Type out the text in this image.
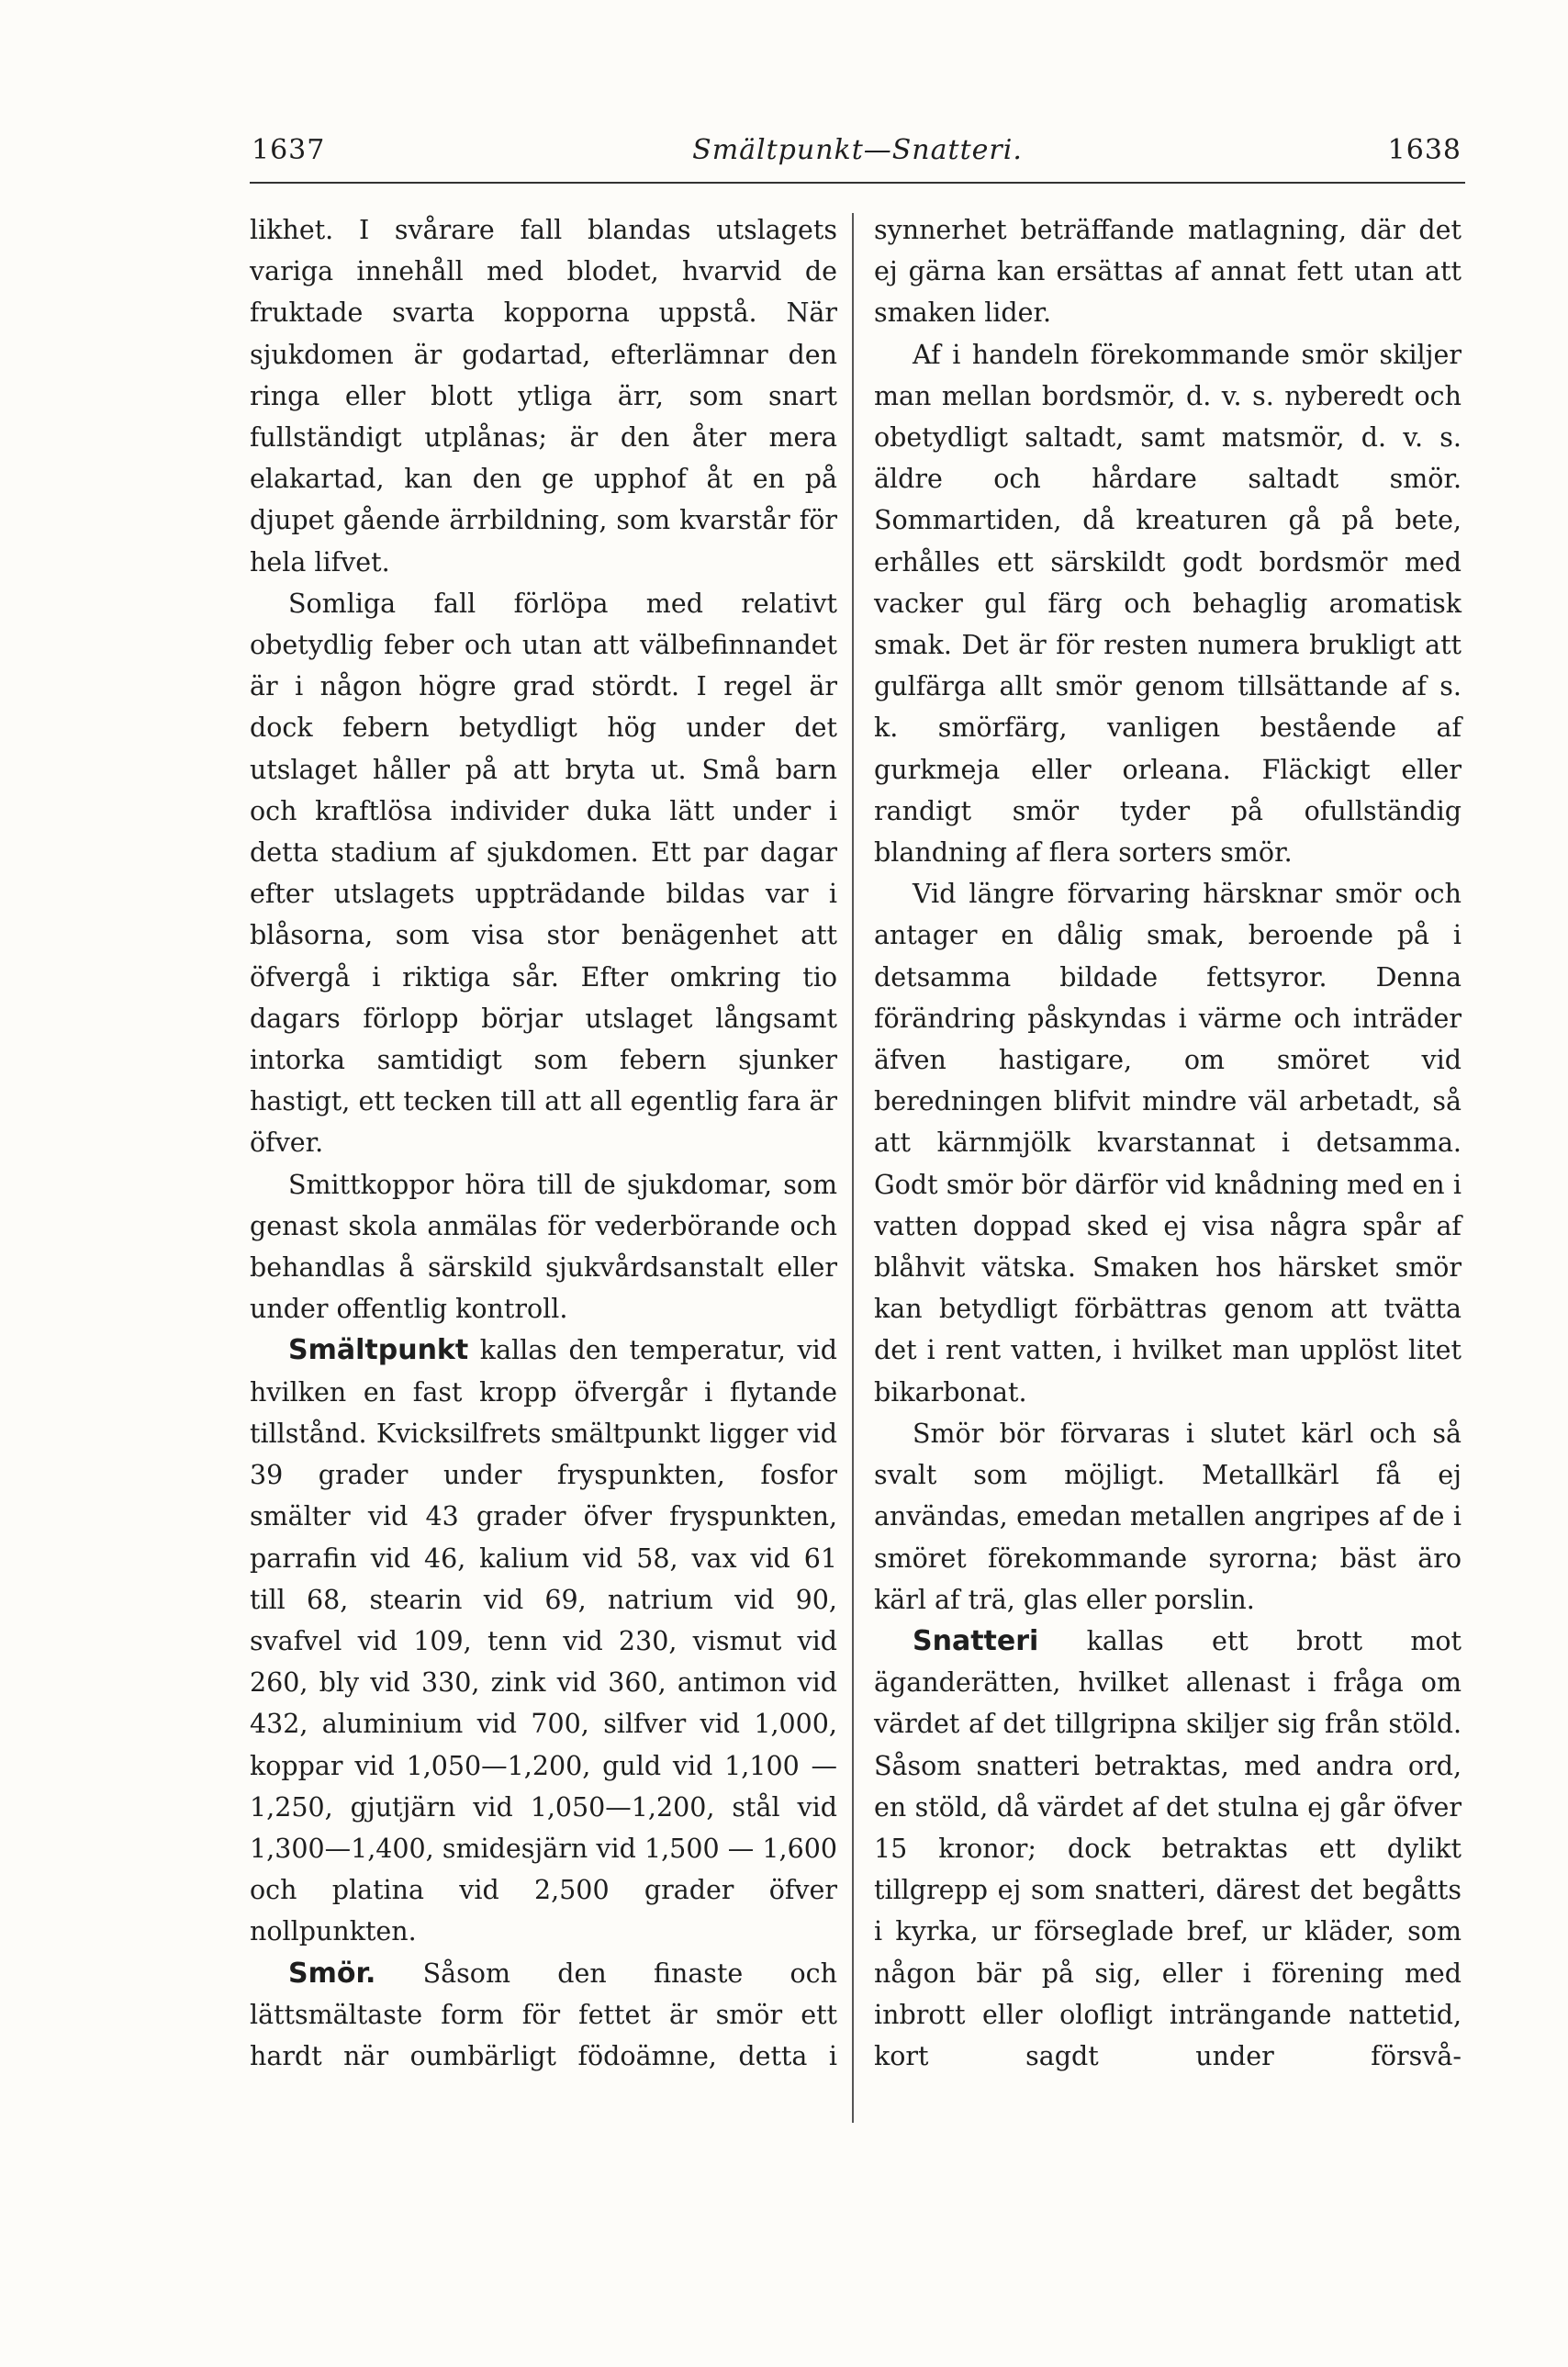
1637	Smältpunkt—Snatteri.	1638

likhet. I svårare fall blandas utslagets variga innehåll med blodet, hvarvid de fruktade svarta kopporna uppstå. När sjukdomen är godartad, efterlämnar den ringa eller blott ytliga ärr, som snart fullständigt utplånas; är den åter mera elakartad, kan den ge upphof åt en på djupet gående ärrbildning, som kvarstår för hela lifvet.

Somliga fall förlöpa med relativt obetydlig feber och utan att välbefinnandet är i någon högre grad stördt. I regel är dock febern betydligt hög under det utslaget håller på att bryta ut. Små barn och kraftlösa individer duka lätt under i detta stadium af sjukdomen. Ett par dagar efter utslagets uppträdande bildas var i blåsorna, som visa stor benägenhet att öfvergå i riktiga sår. Efter omkring tio dagars förlopp börjar utslaget långsamt intorka samtidigt som febern sjunker hastigt, ett tecken till att all egentlig fara är öfver.

Smittkoppor höra till de sjukdomar, som genast skola anmälas för vederbörande och behandlas å särskild sjukvårdsanstalt eller under offentlig kontroll.

Smältpunkt kallas den temperatur, vid hvilken en fast kropp öfvergår i flytande tillstånd. Kvicksilfrets smältpunkt ligger vid 39 grader under fryspunkten, fosfor smälter vid 43 grader öfver fryspunkten, parrafin vid 46, kalium vid 58, vax vid 61 till 68, stearin vid 69, natrium vid 90, svafvel vid 109, tenn vid 230, vismut vid 260, bly vid 330, zink vid 360, antimon vid 432, aluminium vid 700, silfver vid 1,000, koppar vid 1,050—1,200, guld vid 1,100 —1,250, gjutjärn vid 1,050—1,200, stål vid 1,300—1,400, smidesjärn vid 1,500 — 1,600 och platina vid 2,500 grader öfver nollpunkten.

Smör. Såsom den finaste och lättsmältaste form för fettet är smör ett hardt när oumbärligt födoämne, detta i

synnerhet beträffande matlagning, där det ej gärna kan ersättas af annat fett utan att smaken lider.

Af i handeln förekommande smör skiljer man mellan bordsmör, d. v. s. nyberedt och obetydligt saltadt, samt matsmör, d. v. s. äldre och hårdare saltadt smör. Sommartiden, då kreaturen gå på bete, erhålles ett särskildt godt bordsmör med vacker gul färg och behaglig aromatisk smak. Det är för resten numera brukligt att gulfärga allt smör genom tillsättande af s. k. smörfärg, vanligen bestående af gurkmeja eller orleana. Fläckigt eller randigt smör tyder på ofullständig blandning af flera sorters smör.

Vid längre förvaring härsknar smör och antager en dålig smak, beroende på i detsamma bildade fettsyror. Denna förändring påskyndas i värme och inträder äfven hastigare, om smöret vid beredningen blifvit mindre väl arbetadt, så att kärnmjölk kvarstannat i detsamma. Godt smör bör därför vid knådning med en i vatten doppad sked ej visa några spår af blåhvit vätska. Smaken hos härsket smör kan betydligt förbättras genom att tvätta det i rent vatten, i hvilket man upplöst litet bikarbonat.

Smör bör förvaras i slutet kärl och så svalt som möjligt. Metallkärl få ej användas, emedan metallen angripes af de i smöret förekommande syrorna; bäst äro kärl af trä, glas eller porslin.

Snatteri kallas ett brott mot äganderätten, hvilket allenast i fråga om värdet af det tillgripna skiljer sig från stöld. Såsom snatteri betraktas, med andra ord, en stöld, då värdet af det stulna ej går öfver 15 kronor; dock betraktas ett dylikt tillgrepp ej som snatteri, därest det begåtts i kyrka, ur förseglade bref, ur kläder, som någon bär på sig, eller i förening med inbrott eller olofligt inträngande nattetid, kort sagdt under försvå-
